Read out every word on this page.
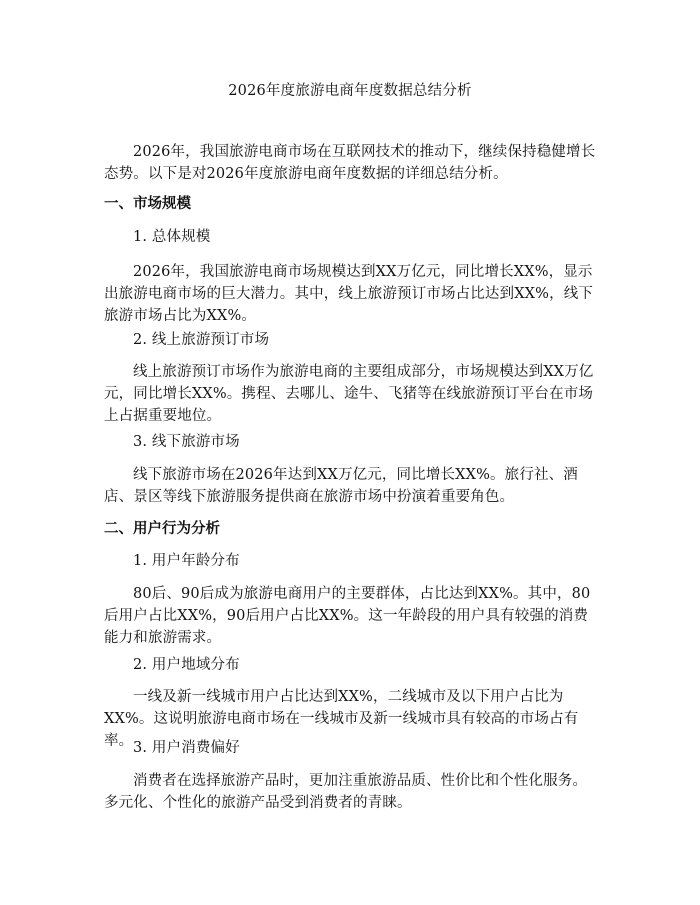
2026年度旅游电商年度数据总结分析

2026年，我国旅游电商市场在互联网技术的推动下，继续保持稳健增长态势。以下是对2026年度旅游电商年度数据的详细总结分析。

一、市场规模

1. 总体规模

2026年，我国旅游电商市场规模达到XX万亿元，同比增长XX%，显示出旅游电商市场的巨大潜力。其中，线上旅游预订市场占比达到XX%，线下旅游市场占比为XX%。

2. 线上旅游预订市场

线上旅游预订市场作为旅游电商的主要组成部分，市场规模达到XX万亿元，同比增长XX%。携程、去哪儿、途牛、飞猪等在线旅游预订平台在市场上占据重要地位。

3. 线下旅游市场

线下旅游市场在2026年达到XX万亿元，同比增长XX%。旅行社、酒店、景区等线下旅游服务提供商在旅游市场中扮演着重要角色。

二、用户行为分析

1. 用户年龄分布

80后、90后成为旅游电商用户的主要群体，占比达到XX%。其中，80后用户占比XX%，90后用户占比XX%。这一年龄段的用户具有较强的消费能力和旅游需求。

2. 用户地域分布

一线及新一线城市用户占比达到XX%，二线城市及以下用户占比为XX%。这说明旅游电商市场在一线城市及新一线城市具有较高的市场占有率。 3. 用户消费偏好

消费者在选择旅游产品时，更加注重旅游品质、性价比和个性化服务。多元化、个性化的旅游产品受到消费者的青睐。
